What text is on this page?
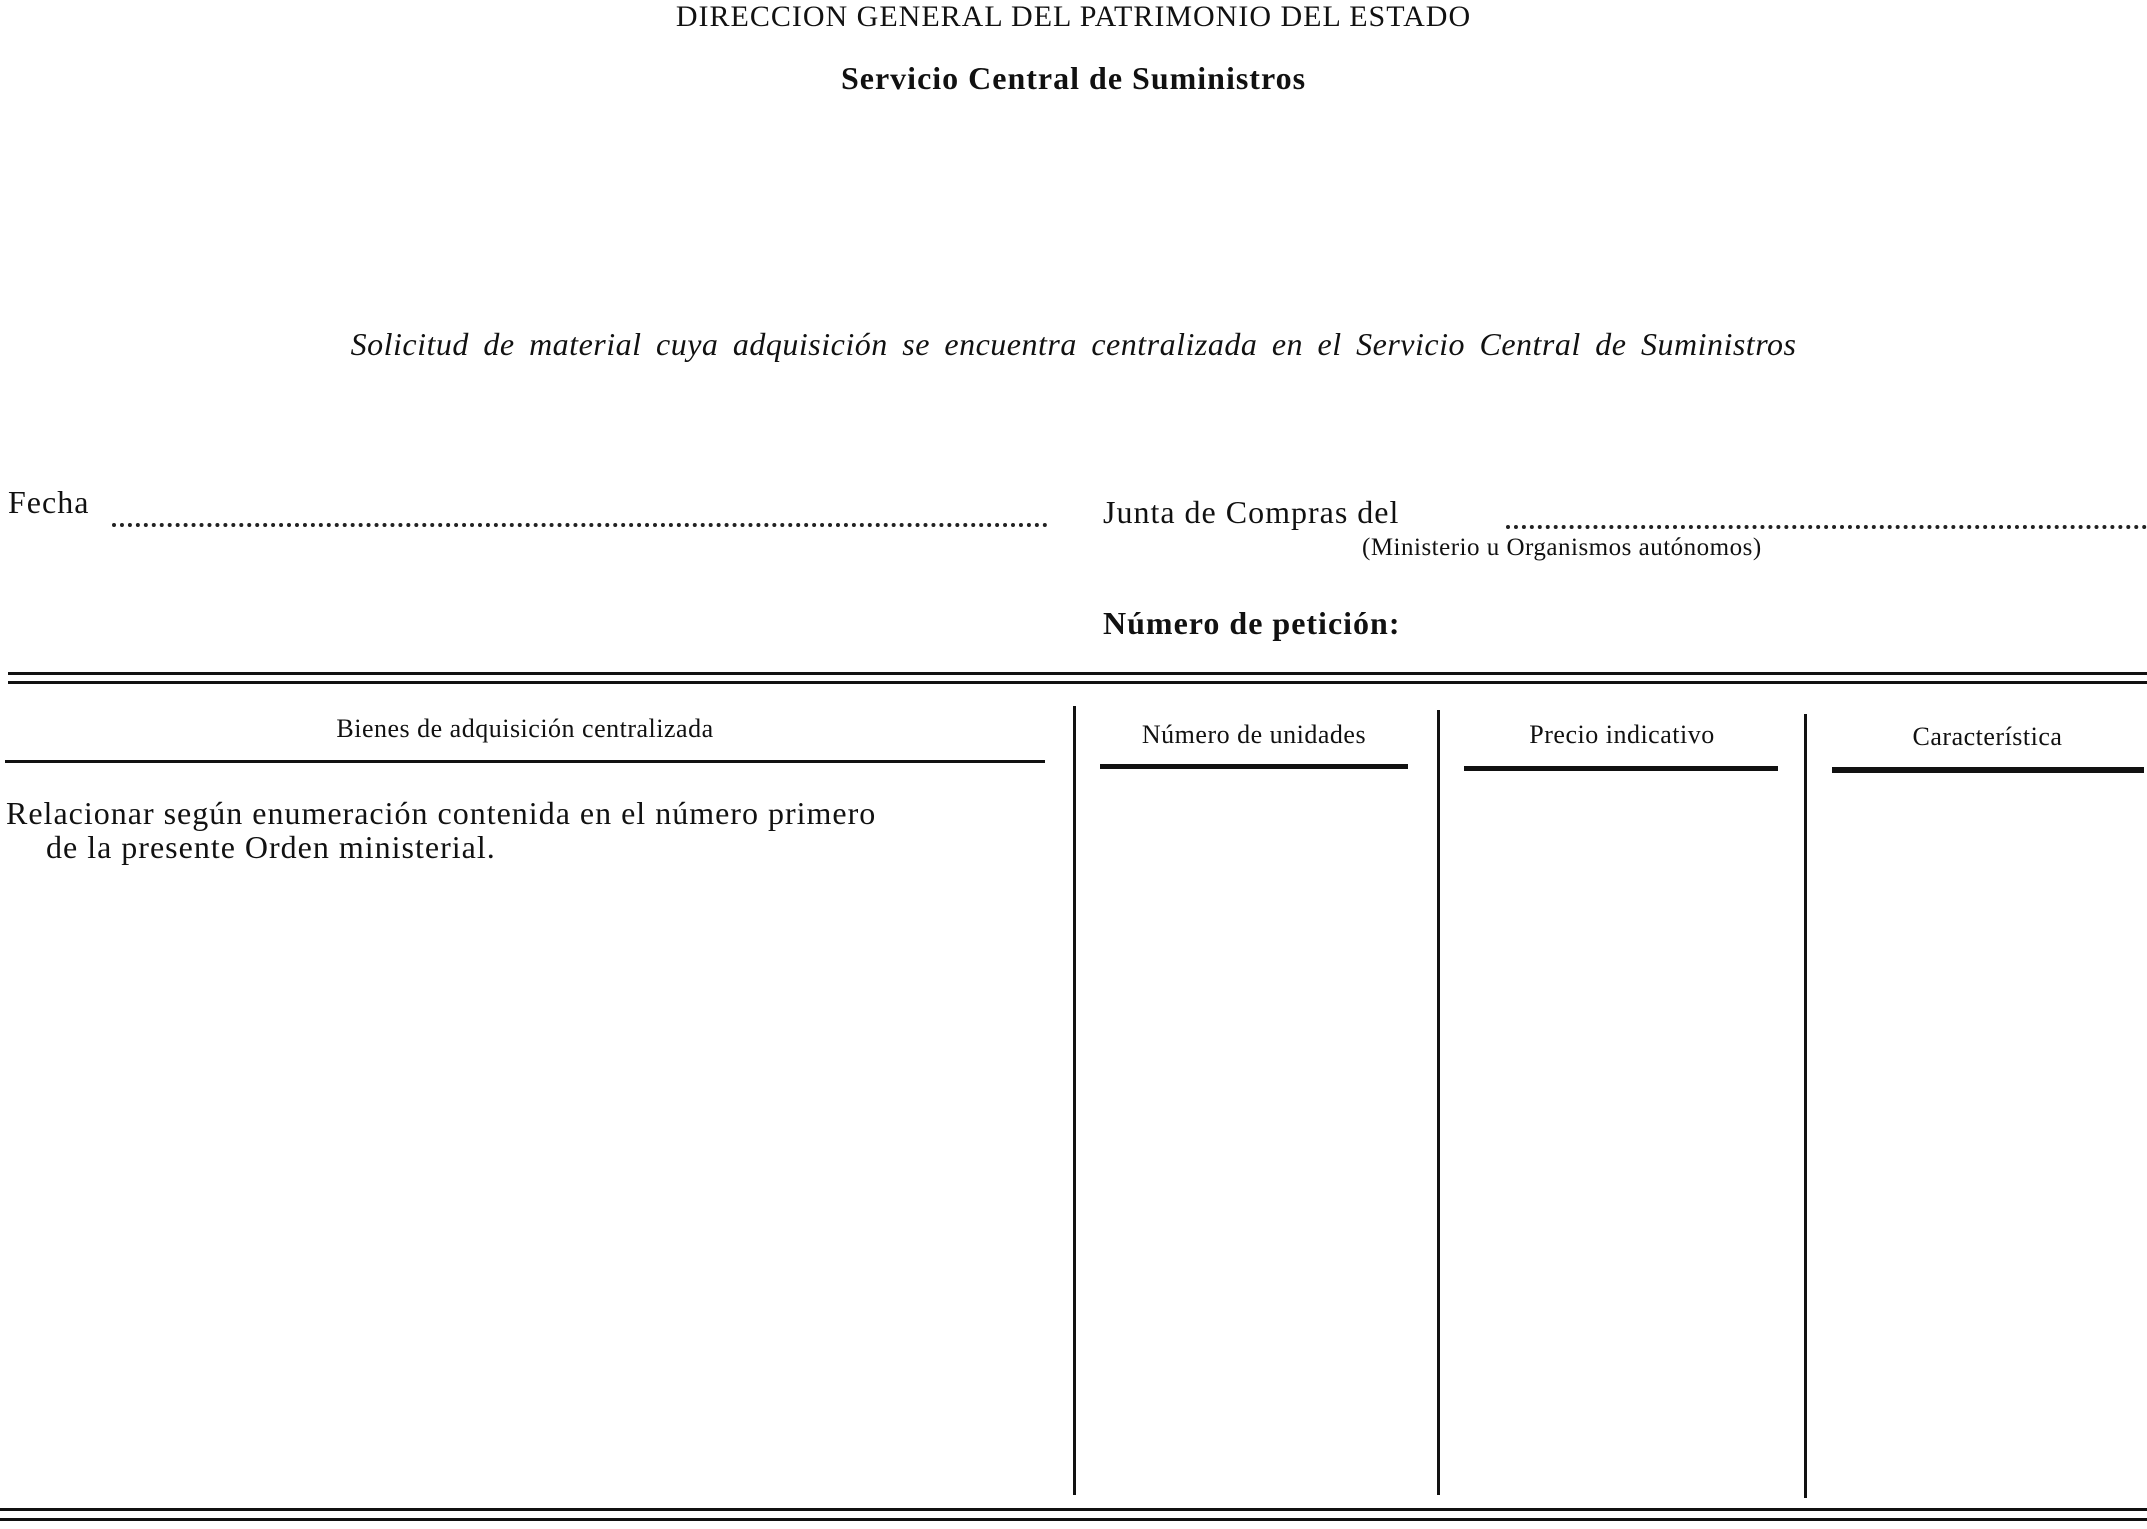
DIRECCION GENERAL DEL PATRIMONIO DEL ESTADO
Servicio Central de Suministros
Solicitud de material cuya adquisición se encuentra centralizada en el Servicio Central de Suministros
Fecha	Junta de Compras del
(Ministerio u Organismos autónomos)
Número de petición:
Bienes de adquisición centralizada	Número de unidades	Precio indicativo	Característica
Relacionar según enumeración contenida en el número primero
de la presente Orden ministerial.
